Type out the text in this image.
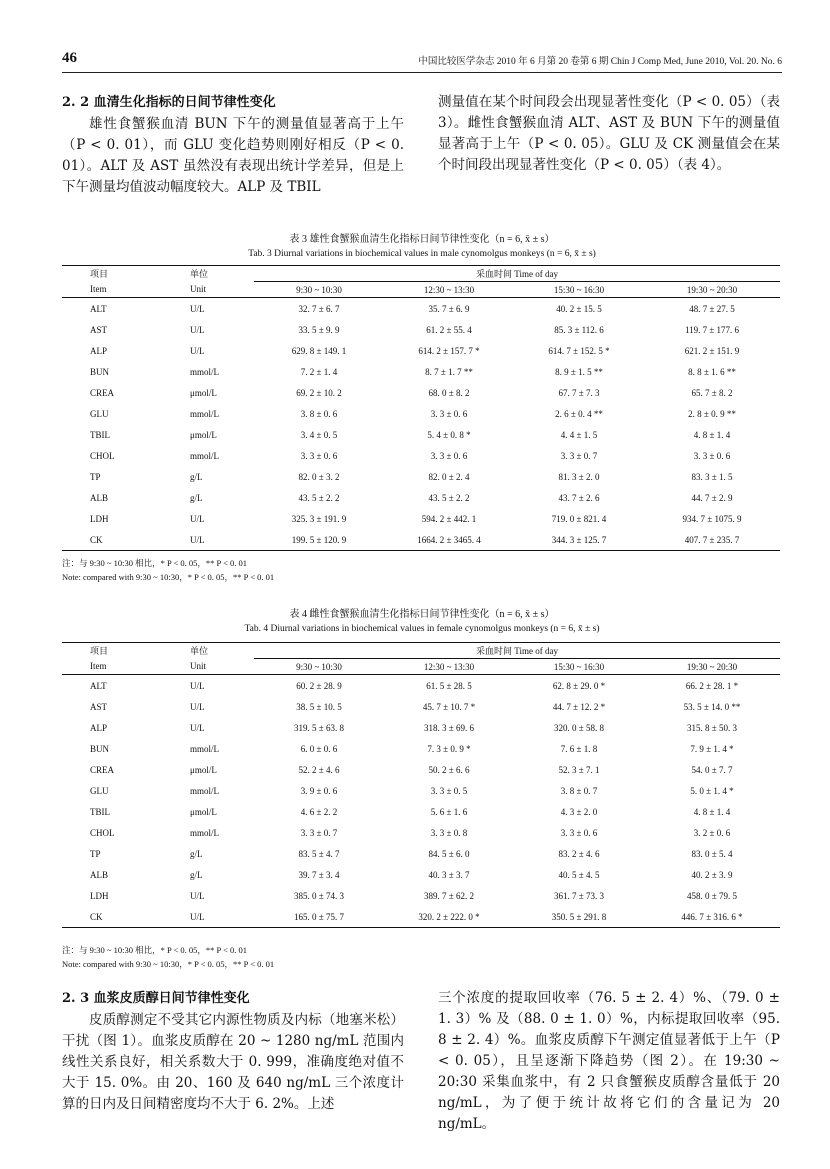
46	中国比较医学杂志 2010 年 6 月第 20 卷第 6 期 Chin J Comp Med, June 2010, Vol. 20. No. 6
2. 2 血清生化指标的日间节律性变化

雄性食蟹猴血清 BUN 下午的测量值显著高于上午（P < 0. 01），而 GLU 变化趋势则刚好相反（P < 0. 01）。ALT 及 AST 虽然没有表现出统计学差异，但是上下午测量均值波动幅度较大。ALP 及 TBIL

测量值在某个时间段会出现显著性变化（P < 0. 05）（表 3）。雌性食蟹猴血清 ALT、AST 及 BUN 下午的测量值显著高于上午（P < 0. 05）。GLU 及 CK 测量值会在某个时间段出现显著性变化（P < 0. 05）（表 4）。

表 3 雄性食蟹猴血清生化指标日间节律性变化（n = 6, x̄ ± s）
Tab. 3 Diurnal variations in biochemical values in male cynomolgus monkeys (n = 6, x̄ ± s)
项目	单位	采血时间 Time of day			
Item	Unit	9:30 ~ 10:30	12:30 ~ 13:30	15:30 ~ 16:30	19:30 ~ 20:30
ALT	U/L	32. 7 ± 6. 7	35. 7 ± 6. 9	40. 2 ± 15. 5	48. 7 ± 27. 5
AST	U/L	33. 5 ± 9. 9	61. 2 ± 55. 4	85. 3 ± 112. 6	119. 7 ± 177. 6
ALP	U/L	629. 8 ± 149. 1	614. 2 ± 157. 7 *	614. 7 ± 152. 5 *	621. 2 ± 151. 9
BUN	mmol/L	7. 2 ± 1. 4	8. 7 ± 1. 7 **	8. 9 ± 1. 5 **	8. 8 ± 1. 6 **
CREA	μmol/L	69. 2 ± 10. 2	68. 0 ± 8. 2	67. 7 ± 7. 3	65. 7 ± 8. 2
GLU	mmol/L	3. 8 ± 0. 6	3. 3 ± 0. 6	2. 6 ± 0. 4 **	2. 8 ± 0. 9 **
TBIL	μmol/L	3. 4 ± 0. 5	5. 4 ± 0. 8 *	4. 4 ± 1. 5	4. 8 ± 1. 4
CHOL	mmol/L	3. 3 ± 0. 6	3. 3 ± 0. 6	3. 3 ± 0. 7	3. 3 ± 0. 6
TP	g/L	82. 0 ± 3. 2	82. 0 ± 2. 4	81. 3 ± 2. 0	83. 3 ± 1. 5
ALB	g/L	43. 5 ± 2. 2	43. 5 ± 2. 2	43. 7 ± 2. 6	44. 7 ± 2. 9
LDH	U/L	325. 3 ± 191. 9	594. 2 ± 442. 1	719. 0 ± 821. 4	934. 7 ± 1075. 9
CK	U/L	199. 5 ± 120. 9	1664. 2 ± 3465. 4	344. 3 ± 125. 7	407. 7 ± 235. 7
注：与 9:30 ~ 10:30 相比，* P < 0. 05，** P < 0. 01
Note: compared with 9:30 ~ 10:30，* P < 0. 05，** P < 0. 01
表 4 雌性食蟹猴血清生化指标日间节律性变化（n = 6, x̄ ± s）
Tab. 4 Diurnal variations in biochemical values in female cynomolgus monkeys (n = 6, x̄ ± s)
项目	单位	采血时间 Time of day			
Item	Unit	9:30 ~ 10:30	12:30 ~ 13:30	15:30 ~ 16:30	19:30 ~ 20:30
ALT	U/L	60. 2 ± 28. 9	61. 5 ± 28. 5	62. 8 ± 29. 0 *	66. 2 ± 28. 1 *
AST	U/L	38. 5 ± 10. 5	45. 7 ± 10. 7 *	44. 7 ± 12. 2 *	53. 5 ± 14. 0 **
ALP	U/L	319. 5 ± 63. 8	318. 3 ± 69. 6	320. 0 ± 58. 8	315. 8 ± 50. 3
BUN	mmol/L	6. 0 ± 0. 6	7. 3 ± 0. 9 *	7. 6 ± 1. 8	7. 9 ± 1. 4 *
CREA	μmol/L	52. 2 ± 4. 6	50. 2 ± 6. 6	52. 3 ± 7. 1	54. 0 ± 7. 7
GLU	mmol/L	3. 9 ± 0. 6	3. 3 ± 0. 5	3. 8 ± 0. 7	5. 0 ± 1. 4 *
TBIL	μmol/L	4. 6 ± 2. 2	5. 6 ± 1. 6	4. 3 ± 2. 0	4. 8 ± 1. 4
CHOL	mmol/L	3. 3 ± 0. 7	3. 3 ± 0. 8	3. 3 ± 0. 6	3. 2 ± 0. 6
TP	g/L	83. 5 ± 4. 7	84. 5 ± 6. 0	83. 2 ± 4. 6	83. 0 ± 5. 4
ALB	g/L	39. 7 ± 3. 4	40. 3 ± 3. 7	40. 5 ± 4. 5	40. 2 ± 3. 9
LDH	U/L	385. 0 ± 74. 3	389. 7 ± 62. 2	361. 7 ± 73. 3	458. 0 ± 79. 5
CK	U/L	165. 0 ± 75. 7	320. 2 ± 222. 0 *	350. 5 ± 291. 8	446. 7 ± 316. 6 *
注：与 9:30 ~ 10:30 相比，* P < 0. 05，** P < 0. 01
Note: compared with 9:30 ~ 10:30，* P < 0. 05，** P < 0. 01
2. 3 血浆皮质醇日间节律性变化

皮质醇测定不受其它内源性物质及内标（地塞米松）干扰（图 1）。血浆皮质醇在 20 ~ 1280 ng/mL 范围内线性关系良好，相关系数大于 0. 999，准确度绝对值不大于 15. 0%。由 20、160 及 640 ng/mL 三个浓度计算的日内及日间精密度均不大于 6. 2%。上述

三个浓度的提取回收率（76. 5 ± 2. 4）%、（79. 0 ± 1. 3）% 及（88. 0 ± 1. 0）%，内标提取回收率（95. 8 ± 2. 4）%。血浆皮质醇下午测定值显著低于上午（P < 0. 05），且呈逐渐下降趋势（图 2）。在 19:30 ~ 20:30 采集血浆中，有 2 只食蟹猴皮质醇含量低于 20 ng/mL，为了便于统计故将它们的含量记为 20 ng/mL。
